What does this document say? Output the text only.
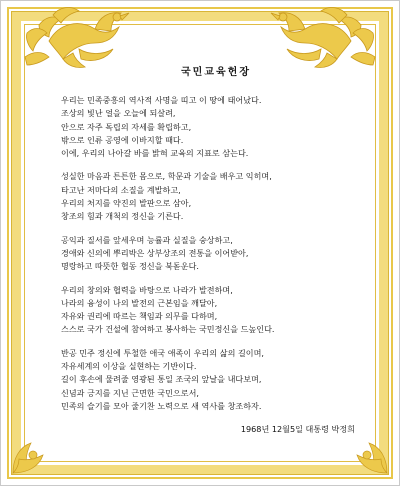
국민교육헌장
우리는 민족중흥의 역사적 사명을 띠고 이 땅에 태어났다.
조상의 빛난 얼을 오늘에 되살려,
안으로 자주 독립의 자세를 확립하고,
밖으로 인류 공영에 이바지할 때다.
이에, 우리의 나아갈 바를 밝혀 교육의 지표로 삼는다.
성실한 마음과 튼튼한 몸으로, 학문과 기술을 배우고 익히며,
타고난 저마다의 소질을 계발하고,
우리의 처지를 약진의 발판으로 삼아,
창조의 힘과 개척의 정신을 기른다.
공익과 질서를 앞세우며 능률과 실질을 숭상하고,
경애와 신의에 뿌리박은 상부상조의 전통을 이어받아,
명랑하고 따뜻한 협동 정신을 북돋운다.
우리의 창의와 협력을 바탕으로 나라가 발전하며,
나라의 융성이 나의 발전의 근본임을 깨달아,
자유와 권리에 따르는 책임과 의무를 다하며,
스스로 국가 건설에 참여하고 봉사하는 국민정신을 드높인다.
반공 민주 정신에 투철한 애국 애족이 우리의 삶의 길이며,
자유세계의 이상을 실현하는 기반이다.
길이 후손에 물려줄 영광된 통일 조국의 앞날을 내다보며,
신념과 긍지를 지닌 근면한 국민으로서,
민족의 슬기를 모아 줄기찬 노력으로 새 역사를 창조하자.
1968년 12월5일 대통령 박정희
